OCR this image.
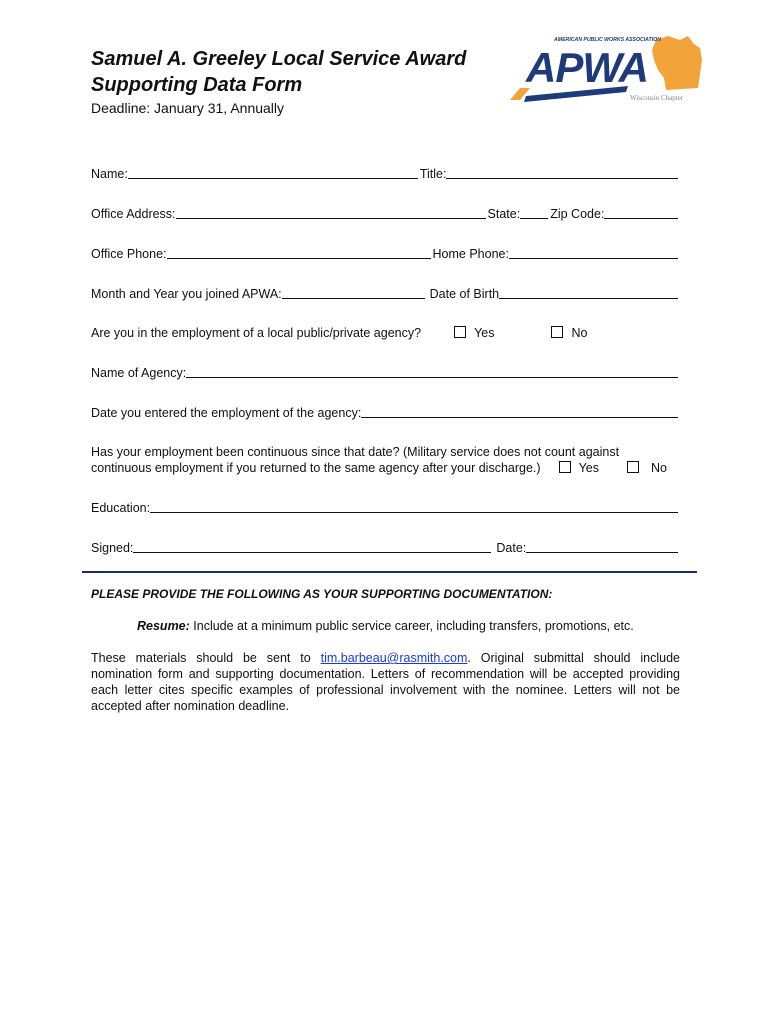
Samuel A. Greeley Local Service Award
Supporting Data Form
Deadline: January 31, Annually
AMERICAN PUBLIC WORKS ASSOCIATION
APWA
Wisconsin Chapter
Name:	Title:
Office Address:	State: Zip Code:
Office Phone:	Home Phone:
Month and Year you joined APWA:	Date of Birth
Are you in the employment of a local public/private agency?	Yes	No
Name of Agency:
Date you entered the employment of the agency:
Has your employment been continuous since that date? (Military service does not count against
continuous employment if you returned to the same agency after your discharge.)	Yes	No
Education:
Signed:	Date:
PLEASE PROVIDE THE FOLLOWING AS YOUR SUPPORTING DOCUMENTATION:
Resume: Include at a minimum public service career, including transfers, promotions, etc.
These materials should be sent to tim.barbeau@rasmith.com. Original submittal should include nomination form and supporting documentation. Letters of recommendation will be accepted providing each letter cites specific examples of professional involvement with the nominee. Letters will not be accepted after nomination deadline.
